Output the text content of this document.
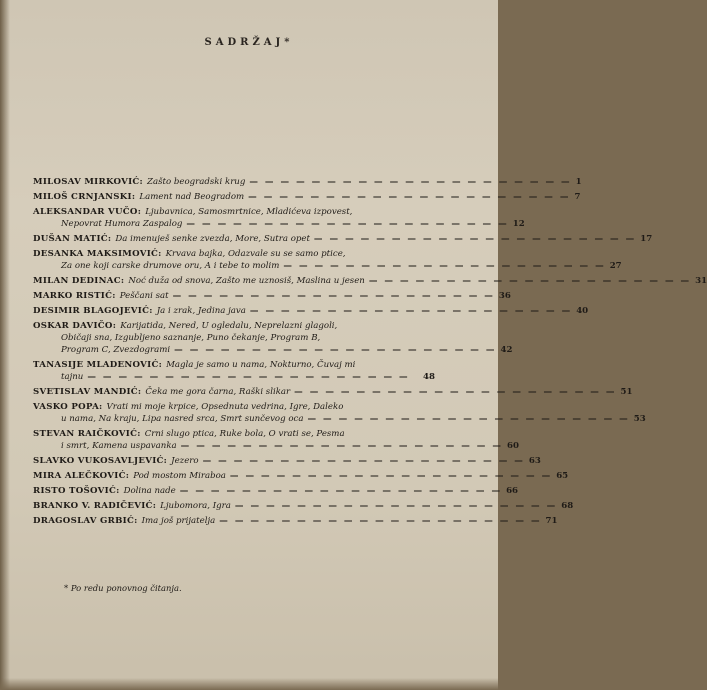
SADRŽAJ*
MILOSAV MIRKOVIĆ: Zašto beogradski krug — — — — — — — — — — — — — — — — — — — — — 1
MILOŠ CRNJANSKI: Lament nad Beogradom — — — — — — — — — — — — — — — — — — — — — 7
ALEKSANDAR VUČO: Ljubavnica, Samosmrtnice, Mladićeva izpovest,
Nepovrat Humora Zaspalog — — — — — — — — — — — — — — — — — — — — — 12
DUŠAN MATIĆ: Da imenuješ senke zvezda, More, Sutra opet — — — — — — — — — — — — — — — — — — — — — 17
DESANKA MAKSIMOVIĆ: Krvava bajka, Odazvale su se samo ptice,
Za one koji carske drumove oru, A i tebe to molim — — — — — — — — — — — — — — — — — — — — — 27
MILAN DEDINAC: Noć duža od snova, Zašto me uznosiš, Maslina u jesen — — — — — — — — — — — — — — — — — — — — — 31
MARKO RISTIĆ: Peščani sat — — — — — — — — — — — — — — — — — — — — — 36
DESIMIR BLAGOJEVIĆ: Ja i zrak, Jedina java — — — — — — — — — — — — — — — — — — — — — 40
OSKAR DAVIČO: Karijatida, Nered, U ogledalu, Neprelazni glagoli,
Običaji sna, Izgubljeno saznanje, Puno čekanje, Program B,
Program C, Zvezdogrami — — — — — — — — — — — — — — — — — — — — — 42
TANASIJE MLADENOVIĆ: Magla je samo u nama, Nokturno, Čuvaj mi
tajnu — — — — — — — — — — — — — — — — — — — — —	48
SVETISLAV MANDIĆ: Čeka me gora čarna, Raški slikar — — — — — — — — — — — — — — — — — — — — — 51
VASKO POPA: Vrati mi moje krpice, Opsednuta vedrina, Igre, Daleko
u nama, Na kraju, Lipa nasred srca, Smrt sunčevog oca — — — — — — — — — — — — — — — — — — — — — 53
STEVAN RAIČKOVIĆ: Crni slugo ptica, Ruke bola, O vrati se, Pesma
i smrt, Kamena uspavanka — — — — — — — — — — — — — — — — — — — — — 60
SLAVKO VUKOSAVLJEVIĆ: Jezero — — — — — — — — — — — — — — — — — — — — — 63
MIRA ALEČKOVIĆ: Pod mostom Miraboa — — — — — — — — — — — — — — — — — — — — — 65
RISTO TOŠOVIĆ: Dolina nade — — — — — — — — — — — — — — — — — — — — — 66
BRANKO V. RADIČEVIĆ: Ljubomora, Igra — — — — — — — — — — — — — — — — — — — — — 68
DRAGOSLAV GRBIĆ: Ima još prijatelja — — — — — — — — — — — — — — — — — — — — — 71
* Po redu ponovnog čitanja.
